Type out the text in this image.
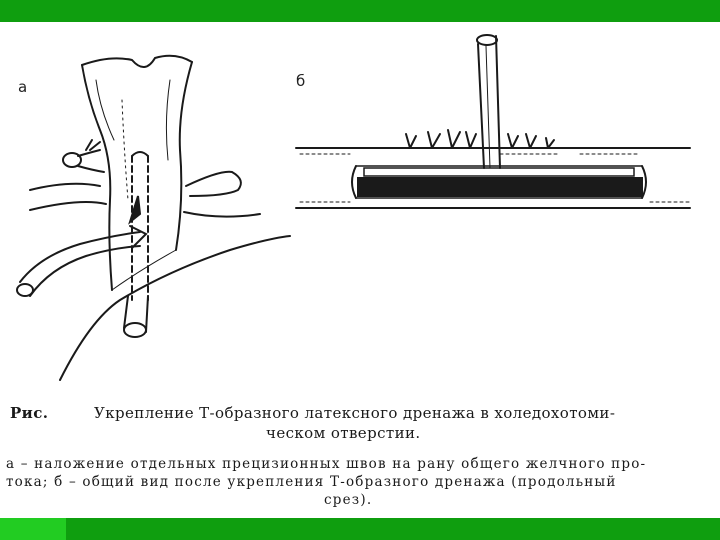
а	б
Рис.	Укрепление Т-образного латексного дренажа в холедохотоми-
ческом отверстии.
а – наложение отдельных прецизионных швов на рану общего желчного про-
тока; б – общий вид после укрепления Т-образного дренажа (продольный
срез).
